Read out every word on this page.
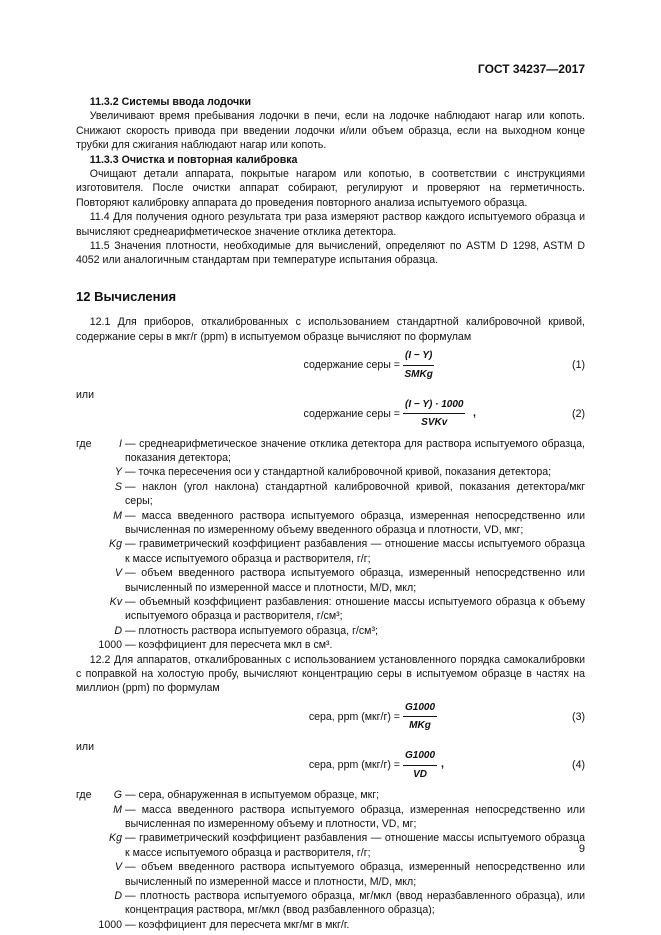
ГОСТ 34237—2017

11.3.2 Системы ввода лодочки

Увеличивают время пребывания лодочки в печи, если на лодочке наблюдают нагар или копоть. Снижают скорость привода при введении лодочки и/или объем образца, если на выходном конце трубки для сжигания наблюдают нагар или копоть.

11.3.3 Очистка и повторная калибровка

Очищают детали аппарата, покрытые нагаром или копотью, в соответствии с инструкциями изготовителя. После очистки аппарат собирают, регулируют и проверяют на герметичность. Повторяют калибровку аппарата до проведения повторного анализа испытуемого образца.

11.4 Для получения одного результата три раза измеряют раствор каждого испытуемого образца и вычисляют среднеарифметическое значение отклика детектора.

11.5 Значения плотности, необходимые для вычислений, определяют по ASTM D 1298, ASTM D 4052 или аналогичным стандартам при температуре испытания образца.

12 Вычисления

12.1 Для приборов, откалиброванных с использованием стандартной калибровочной кривой, содержание серы в мкг/г (ppm) в испытуемом образце вычисляют по формулам

содержание серы =
(I − Y)
SMKg
(1)

или

содержание серы =
(I − Y) · 1000
SVKv
,	(2)
где	I — среднеарифметическое значение отклика детектора для раствора испытуемого образца, показания детектора;
Y — точка пересечения оси y стандартной калибровочной кривой, показания детектора;
S — наклон (угол наклона) стандартной калибровочной кривой, показания детектора/мкг серы;
M — масса введенного раствора испытуемого образца, измеренная непосредственно или вычисленная по измеренному объему введенного образца и плотности, VD, мкг;
Kg — гравиметрический коэффициент разбавления — отношение массы испытуемого образца к массе испытуемого образца и растворителя, г/г;
V — объем введенного раствора испытуемого образца, измеренный непосредственно или вычисленный по измеренной массе и плотности, M/D, мкл;
Kv — объемный коэффициент разбавления: отношение массы испытуемого образца к объему испытуемого образца и растворителя, г/см³;
D — плотность раствора испытуемого образца, г/см³;
1000 — коэффициент для пересчета мкл в см³.

12.2 Для аппаратов, откалиброванных с использованием установленного порядка самокалибровки с поправкой на холостую пробу, вычисляют концентрацию серы в испытуемом образце в частях на миллион (ppm) по формулам

сера, ppm (мкг/г) =
G1000
MKg
(3)

или

сера, ppm $(мкг/г) = \frac{G1000}{VD}$ ,	(4)
где G — сера, обнаруженная в испытуемом образце, мкг;
M — масса введенного раствора испытуемого образца, измеренная непосредственно или вычисленная по измеренному объему и плотности, VD, мг;
Kg — гравиметрический коэффициент разбавления — отношение массы испытуемого образца к массе испытуемого образца и растворителя, г/г;
V — объем введенного раствора испытуемого образца, измеренный непосредственно или вычисленный по измеренной массе и плотности, M/D, мкл;
D — плотность раствора испытуемого образца, мг/мкл (ввод неразбавленного образца), или концентрация раствора, мг/мкл (ввод разбавленного образца);
1000 — коэффициент для пересчета мкг/мг в мкг/г.
9
